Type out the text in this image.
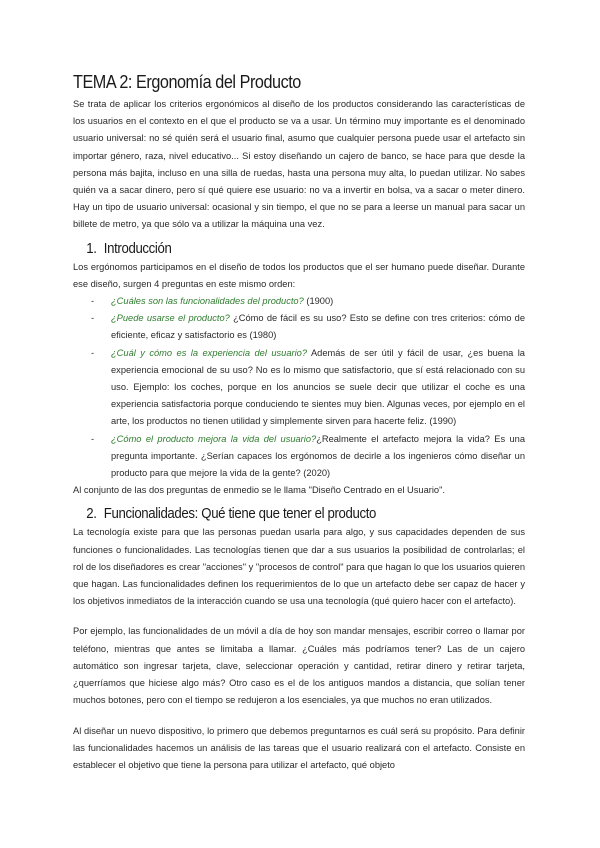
TEMA 2: Ergonomía del Producto

Se trata de aplicar los criterios ergonómicos al diseño de los productos considerando las características de los usuarios en el contexto en el que el producto se va a usar. Un término muy importante es el denominado usuario universal: no sé quién será el usuario final, asumo que cualquier persona puede usar el artefacto sin importar género, raza, nivel educativo... Si estoy diseñando un cajero de banco, se hace para que desde la persona más bajita, incluso en una silla de ruedas, hasta una persona muy alta, lo puedan utilizar. No sabes quién va a sacar dinero, pero sí qué quiere ese usuario: no va a invertir en bolsa, va a sacar o meter dinero. Hay un tipo de usuario universal: ocasional y sin tiempo, el que no se para a leerse un manual para sacar un billete de metro, ya que sólo va a utilizar la máquina una vez.

1. Introducción

Los ergónomos participamos en el diseño de todos los productos que el ser humano puede diseñar. Durante ese diseño, surgen 4 preguntas en este mismo orden:

- ¿Cuáles son las funcionalidades del producto? (1900)
- ¿Puede usarse el producto? ¿Cómo de fácil es su uso? Esto se define con tres criterios: cómo de eficiente, eficaz y satisfactorio es (1980)
- ¿Cuál y cómo es la experiencia del usuario? Además de ser útil y fácil de usar, ¿es buena la experiencia emocional de su uso? No es lo mismo que satisfactorio, que sí está relacionado con su uso. Ejemplo: los coches, porque en los anuncios se suele decir que utilizar el coche es una experiencia satisfactoria porque conduciendo te sientes muy bien. Algunas veces, por ejemplo en el arte, los productos no tienen utilidad y simplemente sirven para hacerte feliz. (1990)
- ¿Cómo el producto mejora la vida del usuario?¿Realmente el artefacto mejora la vida? Es una pregunta importante. ¿Serían capaces los ergónomos de decirle a los ingenieros cómo diseñar un producto para que mejore la vida de la gente? (2020)

Al conjunto de las dos preguntas de enmedio se le llama "Diseño Centrado en el Usuario".

2. Funcionalidades: Qué tiene que tener el producto

La tecnología existe para que las personas puedan usarla para algo, y sus capacidades dependen de sus funciones o funcionalidades. Las tecnologías tienen que dar a sus usuarios la posibilidad de controlarlas; el rol de los diseñadores es crear "acciones" y "procesos de control" para que hagan lo que los usuarios quieren que hagan. Las funcionalidades definen los requerimientos de lo que un artefacto debe ser capaz de hacer y los objetivos inmediatos de la interacción cuando se usa una tecnología (qué quiero hacer con el artefacto).

Por ejemplo, las funcionalidades de un móvil a día de hoy son mandar mensajes, escribir correo o llamar por teléfono, mientras que antes se limitaba a llamar. ¿Cuáles más podríamos tener? Las de un cajero automático son ingresar tarjeta, clave, seleccionar operación y cantidad, retirar dinero y retirar tarjeta, ¿querríamos que hiciese algo más? Otro caso es el de los antiguos mandos a distancia, que solían tener muchos botones, pero con el tiempo se redujeron a los esenciales, ya que muchos no eran utilizados.

Al diseñar un nuevo dispositivo, lo primero que debemos preguntarnos es cuál será su propósito. Para definir las funcionalidades hacemos un análisis de las tareas que el usuario realizará con el artefacto. Consiste en establecer el objetivo que tiene la persona para utilizar el artefacto, qué objeto
